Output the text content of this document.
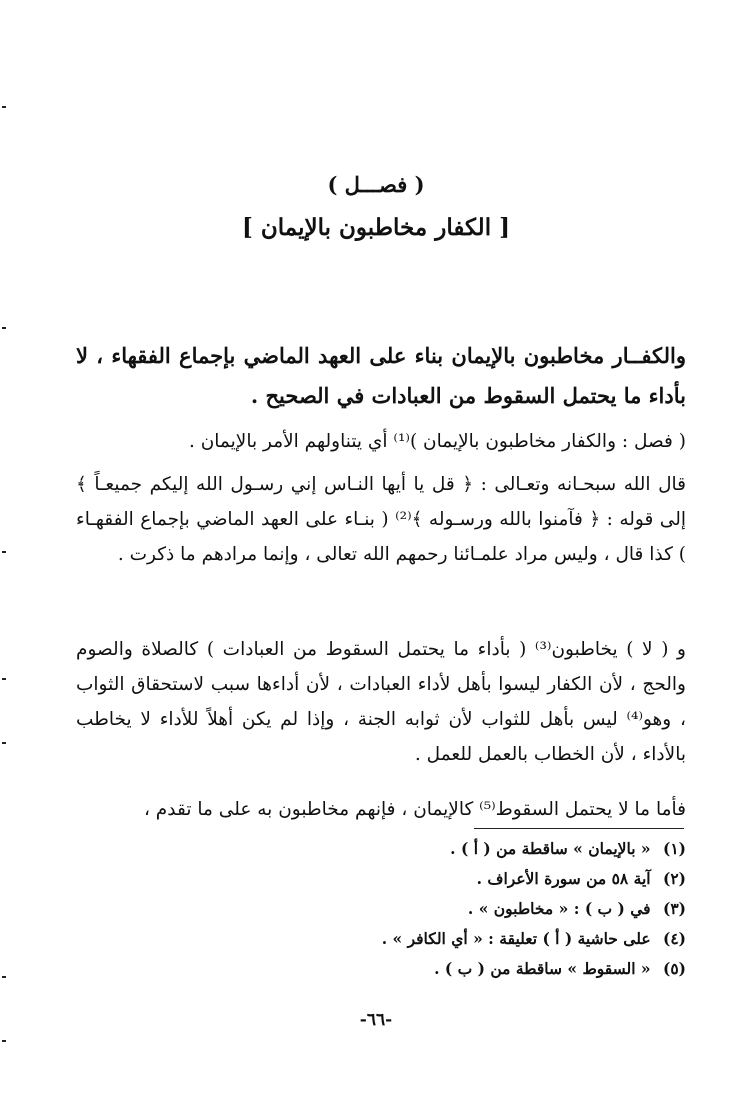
( فصـــل )
[ الكفار مخاطبون بالإيمان ]
والكفــار مخاطبون بالإيمان بناء على العهد الماضي بإجماع الفقهاء ، لا بأداء ما يحتمل السقوط من العبادات في الصحيح .
( فصل : والكفار مخاطبون بالإيمان )⁽¹⁾ أي يتناولهم الأمر بالإيمان .
قال الله سبحـانه وتعـالى : ﴿ قل يا أيها النـاس إني رسـول الله إليكم جميعـاً ﴾ إلى قوله : ﴿ فآمنوا بالله ورسـوله ﴾⁽²⁾ ( بنـاء على العهد الماضي بإجماع الفقهـاء ) كذا قال ، وليس مراد علمـائنا رحمهم الله تعالى ، وإنما مرادهم ما ذكرت .
و ( لا ) يخاطبون⁽³⁾ ( بأداء ما يحتمل السقوط من العبادات ) كالصلاة والصوم والحج ، لأن الكفار ليسوا بأهل لأداء العبادات ، لأن أداءها سبب لاستحقاق الثواب ، وهو⁽⁴⁾ ليس بأهل للثواب لأن ثوابه الجنة ، وإذا لم يكن أهلاً للأداء لا يخاطب بالأداء ، لأن الخطاب بالعمل للعمل .
فأما ما لا يحتمل السقوط⁽⁵⁾ كالإيمان ، فإنهم مخاطبون به على ما تقدم ،
(١) « بالإيمان » ساقطة من ( أ ) .
(٢) آية ٥٨ من سورة الأعراف .
(٣) في ( ب ) : « مخاطبون » .
(٤) على حاشية ( أ ) تعليقة : « أي الكافر » .
(٥) « السقوط » ساقطة من ( ب ) .
-٦٦-
